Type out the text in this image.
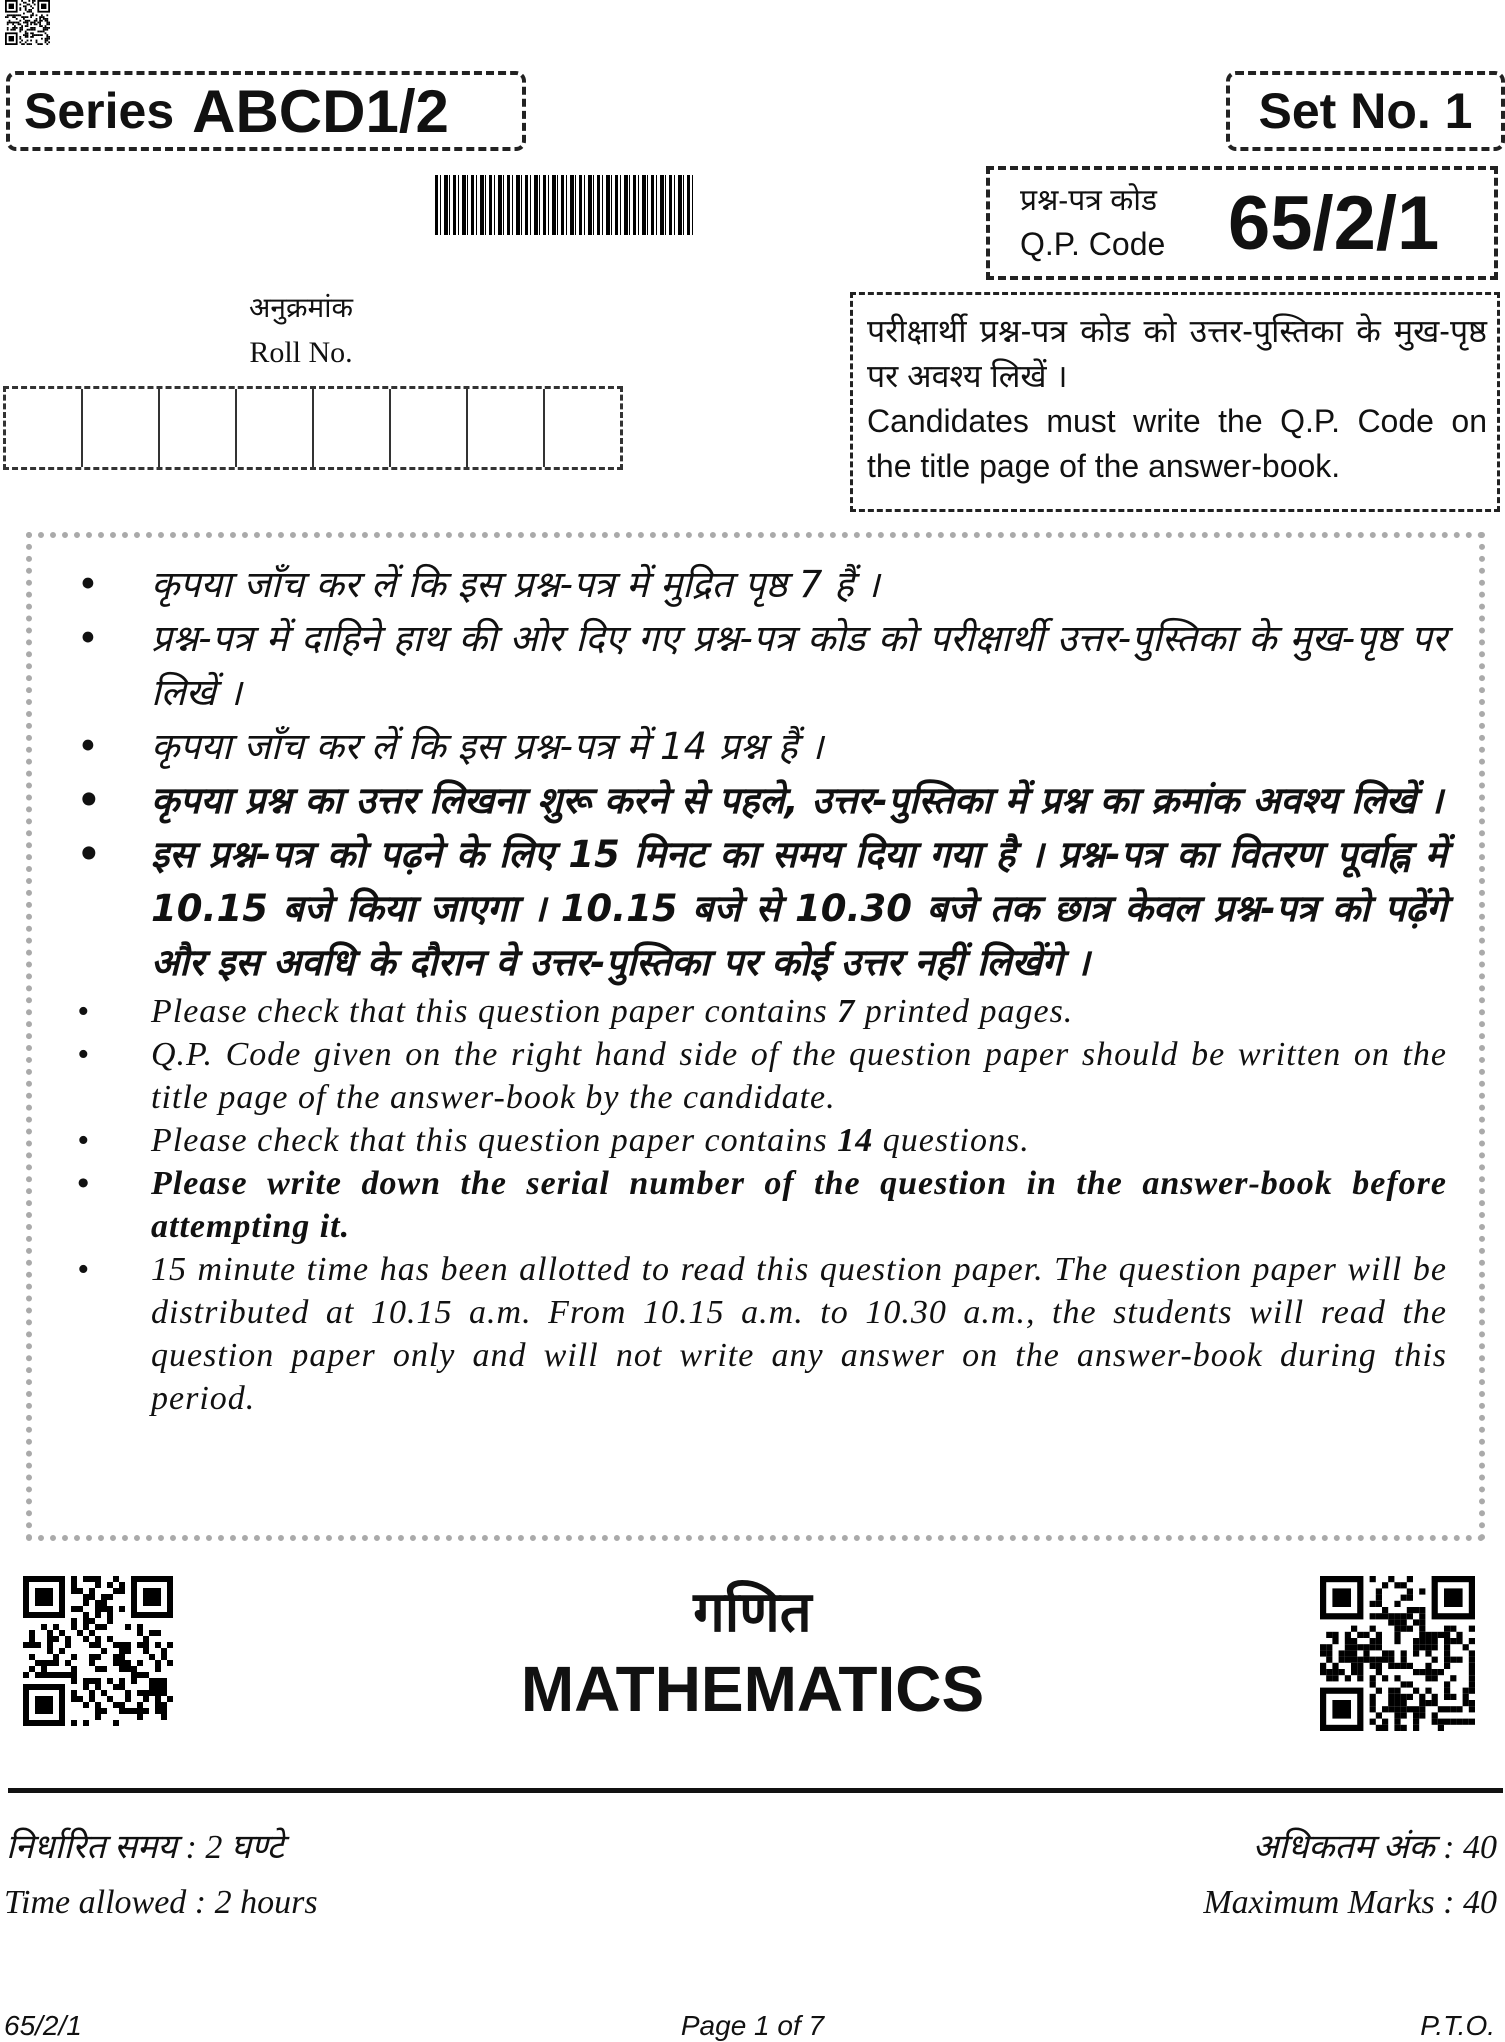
Series ABCD1/2	Set No. 1
प्रश्न-पत्र कोड
Q.P. Code 65/2/1
अनुक्रमांक
Roll No.

परीक्षार्थी प्रश्न-पत्र कोड को उत्तर-पुस्तिका के मुख-पृष्ठ पर अवश्य लिखें ।

Candidates must write the Q.P. Code on the title page of the answer-book.

• कृपया जाँच कर लें कि इस प्रश्न-पत्र में मुद्रित पृष्ठ 7 हैं ।
• प्रश्न-पत्र में दाहिने हाथ की ओर दिए गए प्रश्न-पत्र कोड को परीक्षार्थी उत्तर-पुस्तिका के मुख-पृष्ठ पर लिखें ।
• कृपया जाँच कर लें कि इस प्रश्न-पत्र में 14 प्रश्न हैं ।
• कृपया प्रश्न का उत्तर लिखना शुरू करने से पहले, उत्तर-पुस्तिका में प्रश्न का क्रमांक अवश्य लिखें ।
• इस प्रश्न-पत्र को पढ़ने के लिए 15 मिनट का समय दिया गया है । प्रश्न-पत्र का वितरण पूर्वाह्न में 10.15 बजे किया जाएगा । 10.15 बजे से 10.30 बजे तक छात्र केवल प्रश्न-पत्र को पढ़ेंगे और इस अवधि के दौरान वे उत्तर-पुस्तिका पर कोई उत्तर नहीं लिखेंगे ।
• Please check that this question paper contains 7 printed pages.
• Q.P. Code given on the right hand side of the question paper should be written on the title page of the answer-book by the candidate.
• Please check that this question paper contains 14 questions.
• Please write down the serial number of the question in the answer-book before attempting it.
• 15 minute time has been allotted to read this question paper. The question paper will be distributed at 10.15 a.m. From 10.15 a.m. to 10.30 a.m., the students will read the question paper only and will not write any answer on the answer-book during this period.
गणित
MATHEMATICS
निर्धारित समय : 2 घण्टे
Time allowed : 2 hours
अधिकतम अंक : 40
Maximum Marks : 40
65/2/1	Page 1 of 7	P.T.O.
